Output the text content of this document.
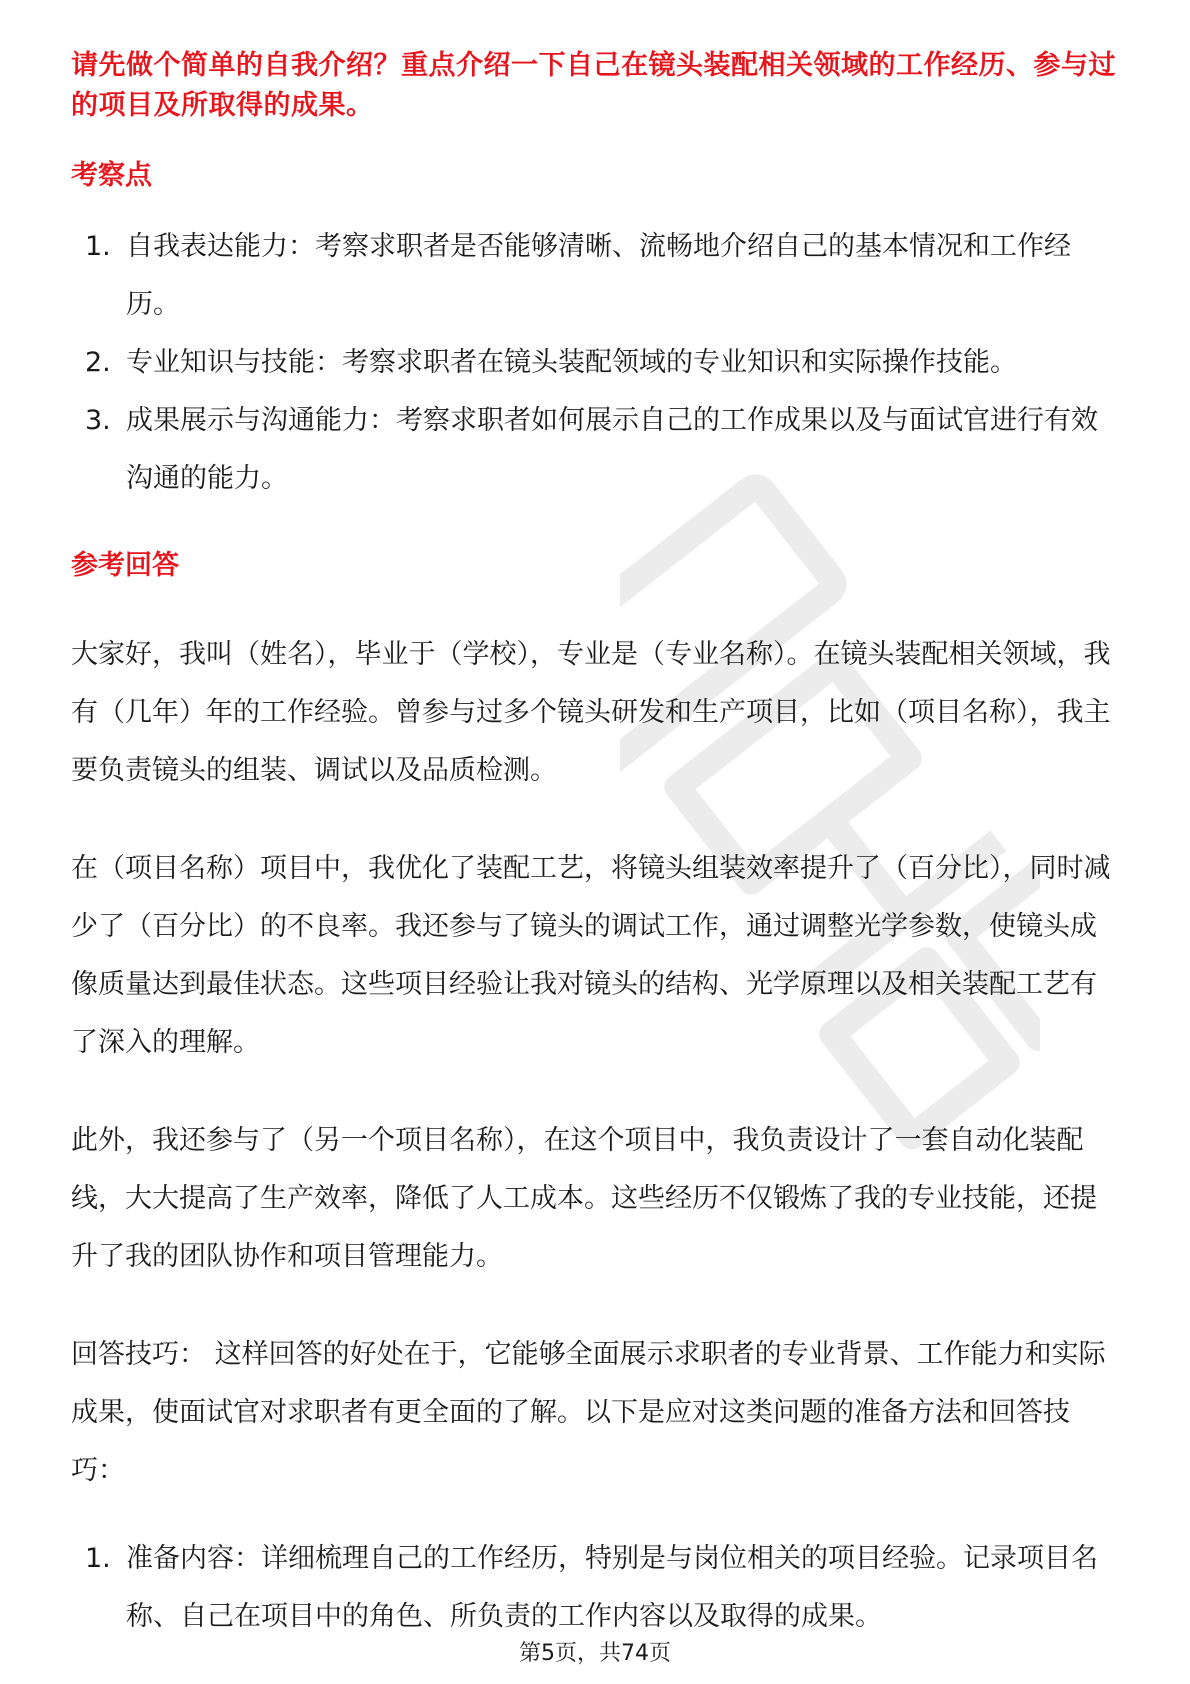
请先做个简单的自我介绍？重点介绍一下自己在镜头装配相关领域的工作经历、参与过的项目及所取得的成果。

考察点

1. 自我表达能力：考察求职者是否能够清晰、流畅地介绍自己的基本情况和工作经历。
2. 专业知识与技能：考察求职者在镜头装配领域的专业知识和实际操作技能。
3. 成果展示与沟通能力：考察求职者如何展示自己的工作成果以及与面试官进行有效沟通的能力。

参考回答

大家好，我叫（姓名），毕业于（学校），专业是（专业名称）。在镜头装配相关领域，我有（几年）年的工作经验。曾参与过多个镜头研发和生产项目，比如（项目名称），我主要负责镜头的组装、调试以及品质检测。

在（项目名称）项目中，我优化了装配工艺，将镜头组装效率提升了（百分比），同时减少了（百分比）的不良率。我还参与了镜头的调试工作，通过调整光学参数，使镜头成像质量达到最佳状态。这些项目经验让我对镜头的结构、光学原理以及相关装配工艺有了深入的理解。

此外，我还参与了（另一个项目名称），在这个项目中，我负责设计了一套自动化装配线，大大提高了生产效率，降低了人工成本。这些经历不仅锻炼了我的专业技能，还提升了我的团队协作和项目管理能力。

回答技巧： 这样回答的好处在于，它能够全面展示求职者的专业背景、工作能力和实际成果，使面试官对求职者有更全面的了解。以下是应对这类问题的准备方法和回答技巧：

1. 准备内容：详细梳理自己的工作经历，特别是与岗位相关的项目经验。记录项目名称、自己在项目中的角色、所负责的工作内容以及取得的成果。
第5页，共74页
